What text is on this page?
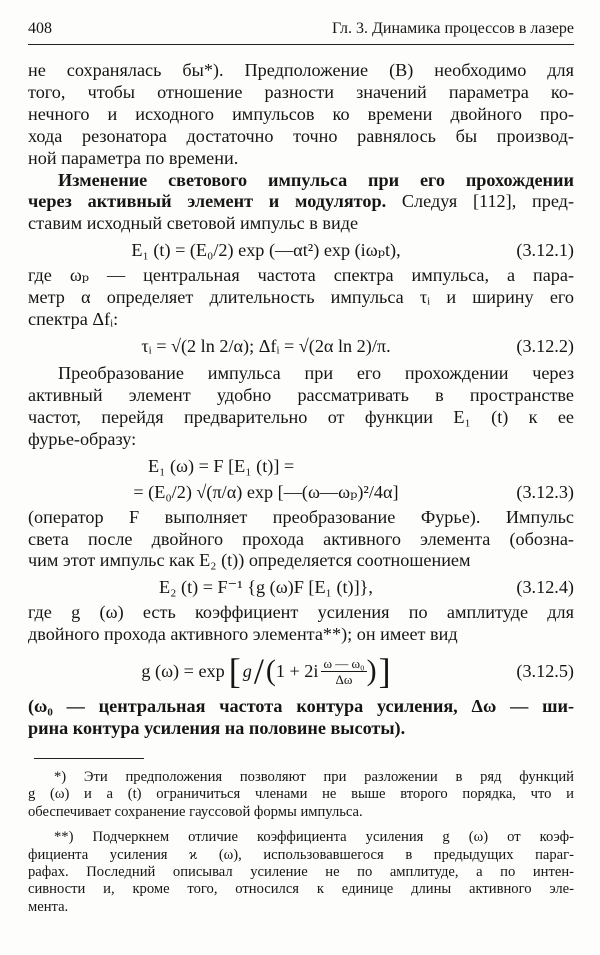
408	Гл. 3. Динамика процессов в лазере
не сохранялась бы*). Предположение (В) необходимо для
того, чтобы отношение разности значений параметра ко-
нечного и исходного импульсов ко времени двойного про-
хода резонатора достаточно точно равнялось бы производ-
ной параметра по времени.
Изменение светового импульса при его прохождении
через активный элемент и модулятор. Следуя [112], пред-
ставим исходный световой импульс в виде
E₁ (t) = (E₀/2) exp (—αt²) exp (iωₚt),	(3.12.1)
где ωₚ — центральная частота спектра импульса, а пара-
метр α определяет длительность импульса τᵢ и ширину его
спектра Δfᵢ:
τᵢ = √(2 ln 2/α); Δfᵢ = √(2α ln 2)/π.	(3.12.2)
Преобразование импульса при его прохождении через
активный элемент удобно рассматривать в пространстве
частот, перейдя предварительно от функции E₁ (t) к ее
фурье-образу:
E₁ (ω) = F [E₁ (t)] =
= (E₀/2) √(π/α) exp [—(ω—ωₚ)²/4α]	(3.12.3)
(оператор F выполняет преобразование Фурье). Импульс
света после двойного прохода активного элемента (обозна-
чим этот импульс как E₂ (t)) определяется соотношением
E₂ (t) = F⁻¹ {g (ω)F [E₁ (t)]},	(3.12.4)
где g (ω) есть коэффициент усиления по амплитуде для
двойного прохода активного элемента**); он имеет вид
g (ω) = exp [ g / ( $1 + 2i \frac{\text{ω — ω₀}}{\Delta\omega}$ ) ]	(3.12.5)
(ω₀ — центральная частота контура усиления, Δω — ши-
рина контура усиления на половине высоты).
*) Эти предположения позволяют при разложении в ряд функций
g (ω) и a (t) ограничиться членами не выше второго порядка, что и
обеспечивает сохранение гауссовой формы импульса.
**) Подчеркнем отличие коэффициента усиления g (ω) от коэф-
фициента усиления ϰ (ω), использовавшегося в предыдущих параг-
рафах. Последний описывал усиление не по амплитуде, а по интен-
сивности и, кроме того, относился к единице длины активного эле-
мента.
